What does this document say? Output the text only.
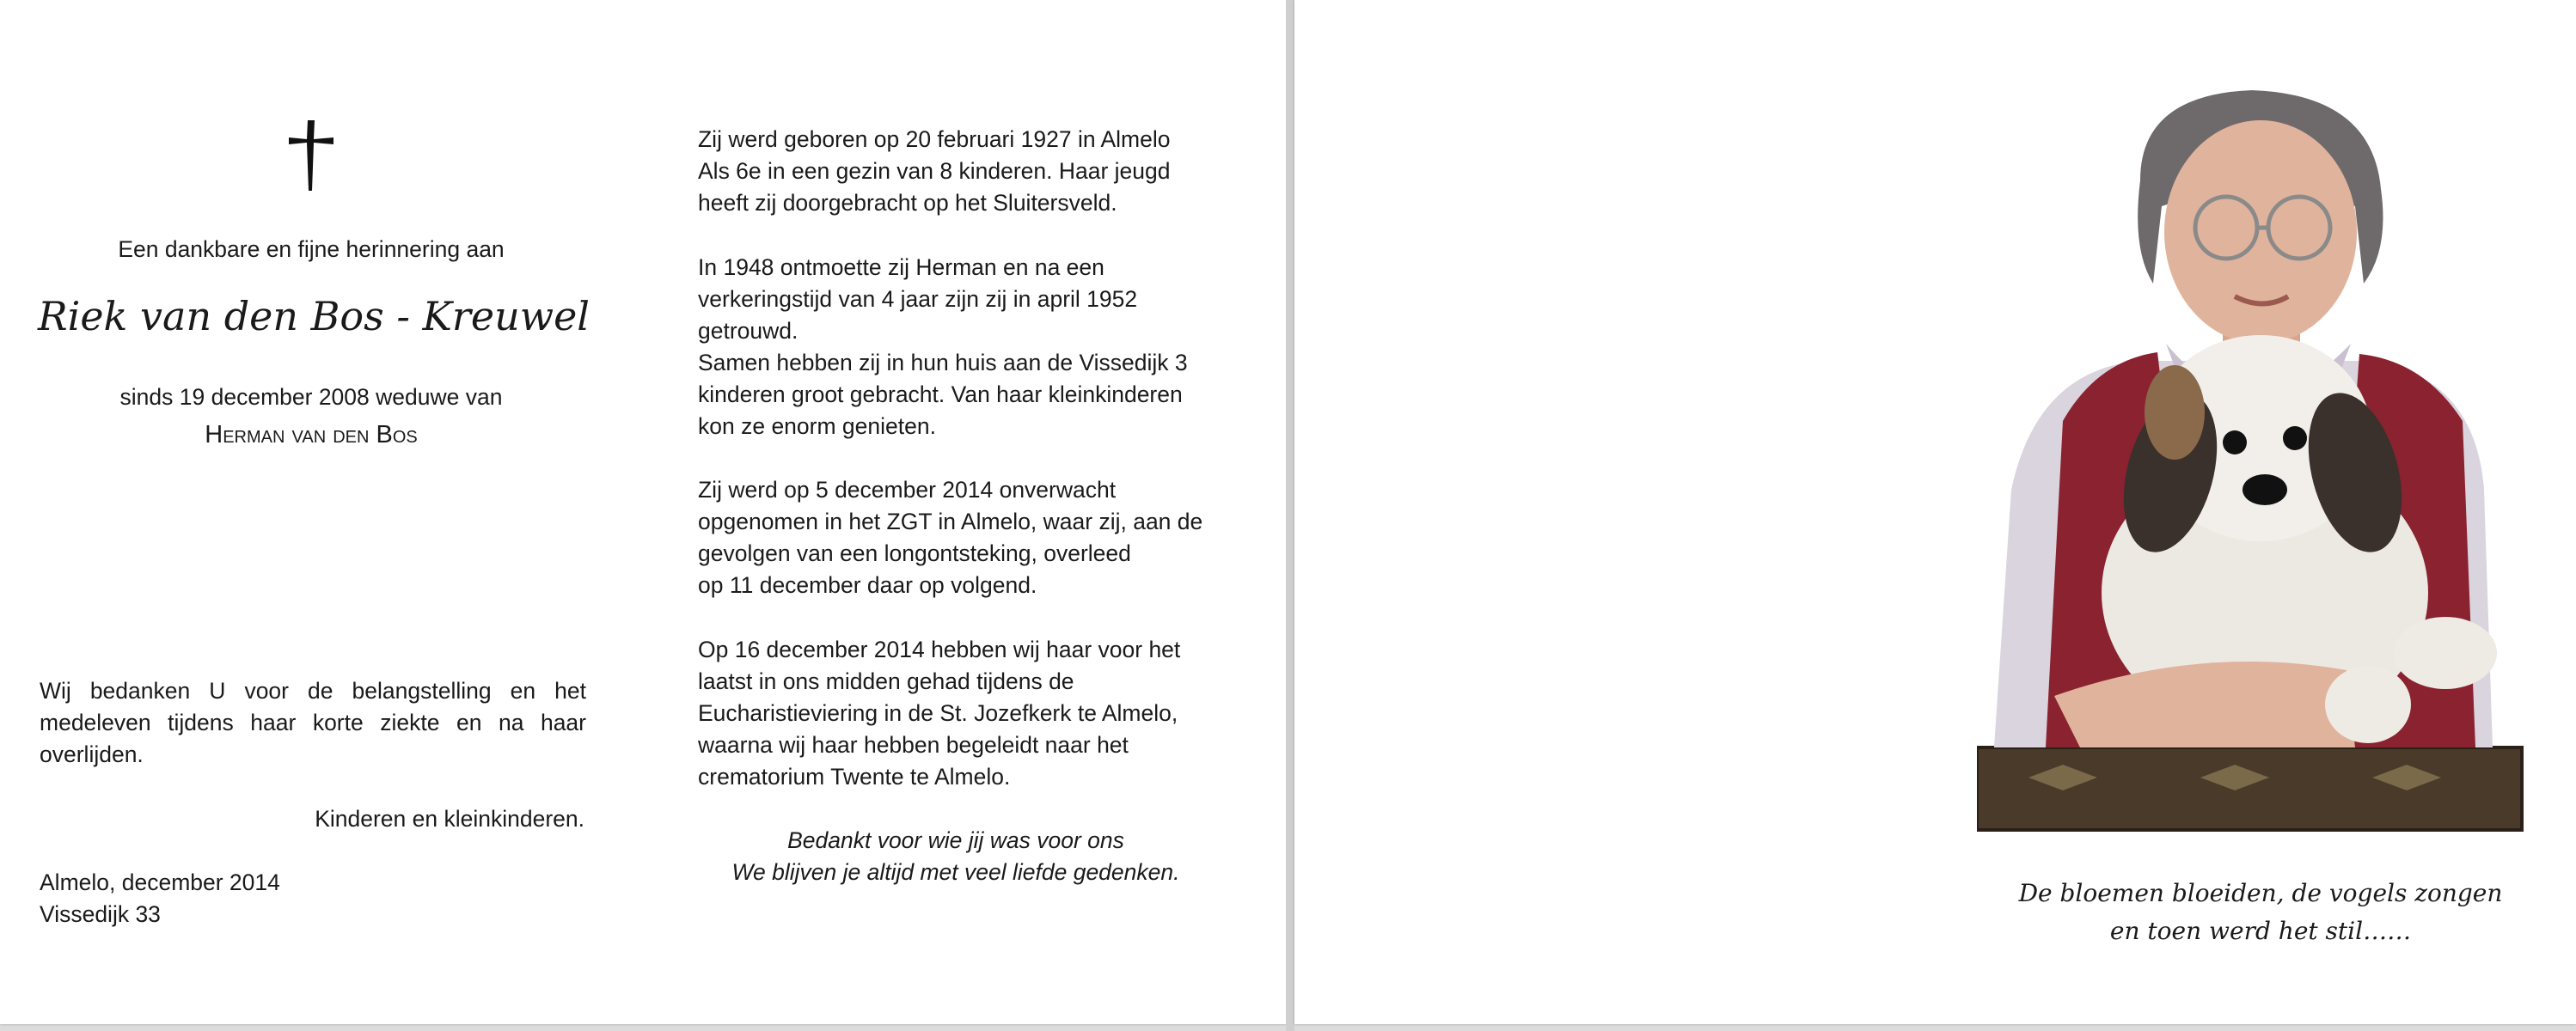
Een dankbare en fijne herinnering aan
Riek van den Bos - Kreuwel
sinds 19 december 2008 weduwe van
Herman van den Bos
Wij bedanken U voor de belangstelling en het
medeleven tijdens haar korte ziekte en na haar
overlijden.
Kinderen en kleinkinderen.
Almelo, december 2014
Vissedijk 33

Zij werd geboren op 20 februari 1927 in Almelo

Als 6e in een gezin van 8 kinderen. Haar jeugd

heeft zij doorgebracht op het Sluitersveld.

In 1948 ontmoette zij Herman en na een

verkeringstijd van 4 jaar zijn zij in april 1952

getrouwd.

Samen hebben zij in hun huis aan de Vissedijk 3

kinderen groot gebracht. Van haar kleinkinderen

kon ze enorm genieten.

Zij werd op 5 december 2014 onverwacht

opgenomen in het ZGT in Almelo, waar zij, aan de

gevolgen van een longontsteking, overleed

op 11 december daar op volgend.

Op 16 december 2014 hebben wij haar voor het

laatst in ons midden gehad tijdens de

Eucharistieviering in de St. Jozefkerk te Almelo,

waarna wij haar hebben begeleidt naar het

crematorium Twente te Almelo.

Bedankt voor wie jij was voor ons
We blijven je altijd met veel liefde gedenken.
De bloemen bloeiden, de vogels zongen
en toen werd het stil……
